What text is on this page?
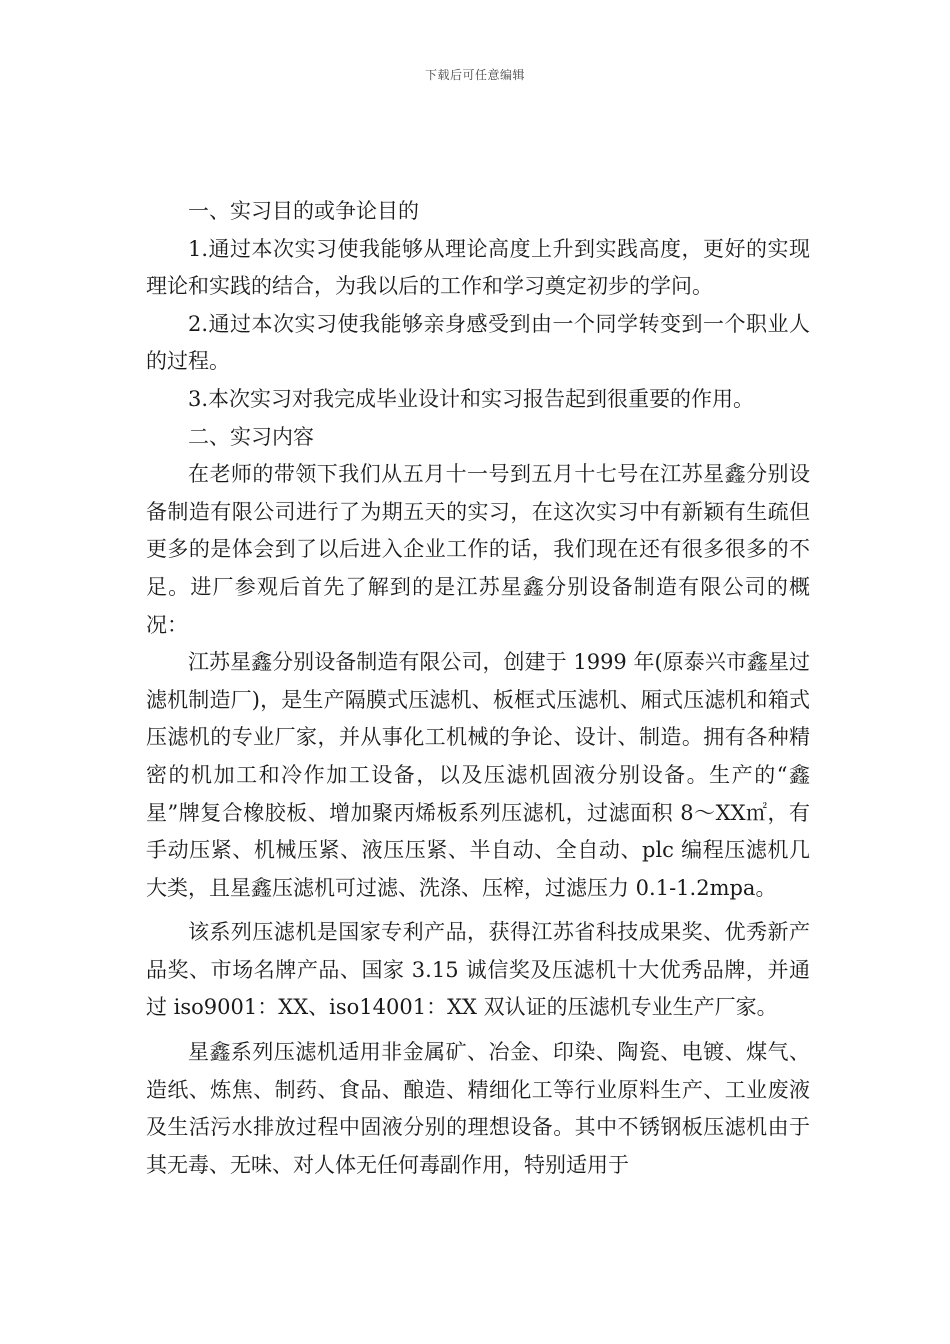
下载后可任意编辑

一、实习目的或争论目的

1.通过本次实习使我能够从理论高度上升到实践高度，更好的实现理论和实践的结合，为我以后的工作和学习奠定初步的学问。

2.通过本次实习使我能够亲身感受到由一个同学转变到一个职业人的过程。

3.本次实习对我完成毕业设计和实习报告起到很重要的作用。

二、实习内容

在老师的带领下我们从五月十一号到五月十七号在江苏星鑫分别设备制造有限公司进行了为期五天的实习，在这次实习中有新颖有生疏但更多的是体会到了以后进入企业工作的话，我们现在还有很多很多的不足。进厂参观后首先了解到的是江苏星鑫分别设备制造有限公司的概况：

江苏星鑫分别设备制造有限公司，创建于 1999 年(原泰兴市鑫星过滤机制造厂)，是生产隔膜式压滤机、板框式压滤机、厢式压滤机和箱式压滤机的专业厂家，并从事化工机械的争论、设计、制造。拥有各种精密的机加工和冷作加工设备，以及压滤机固液分别设备。生产的“鑫星”牌复合橡胶板、增加聚丙烯板系列压滤机，过滤面积 8～XX㎡，有手动压紧、机械压紧、液压压紧、半自动、全自动、plc 编程压滤机几大类，且星鑫压滤机可过滤、洗涤、压榨，过滤压力 0.1-1.2mpa。

该系列压滤机是国家专利产品，获得江苏省科技成果奖、优秀新产品奖、市场名牌产品、国家 3.15 诚信奖及压滤机十大优秀品牌，并通过 iso9001：XX、iso14001：XX 双认证的压滤机专业生产厂家。

星鑫系列压滤机适用非金属矿、冶金、印染、陶瓷、电镀、煤气、造纸、炼焦、制药、食品、酿造、精细化工等行业原料生产、工业废液及生活污水排放过程中固液分别的理想设备。其中不锈钢板压滤机由于其无毒、无味、对人体无任何毒副作用，特别适用于
